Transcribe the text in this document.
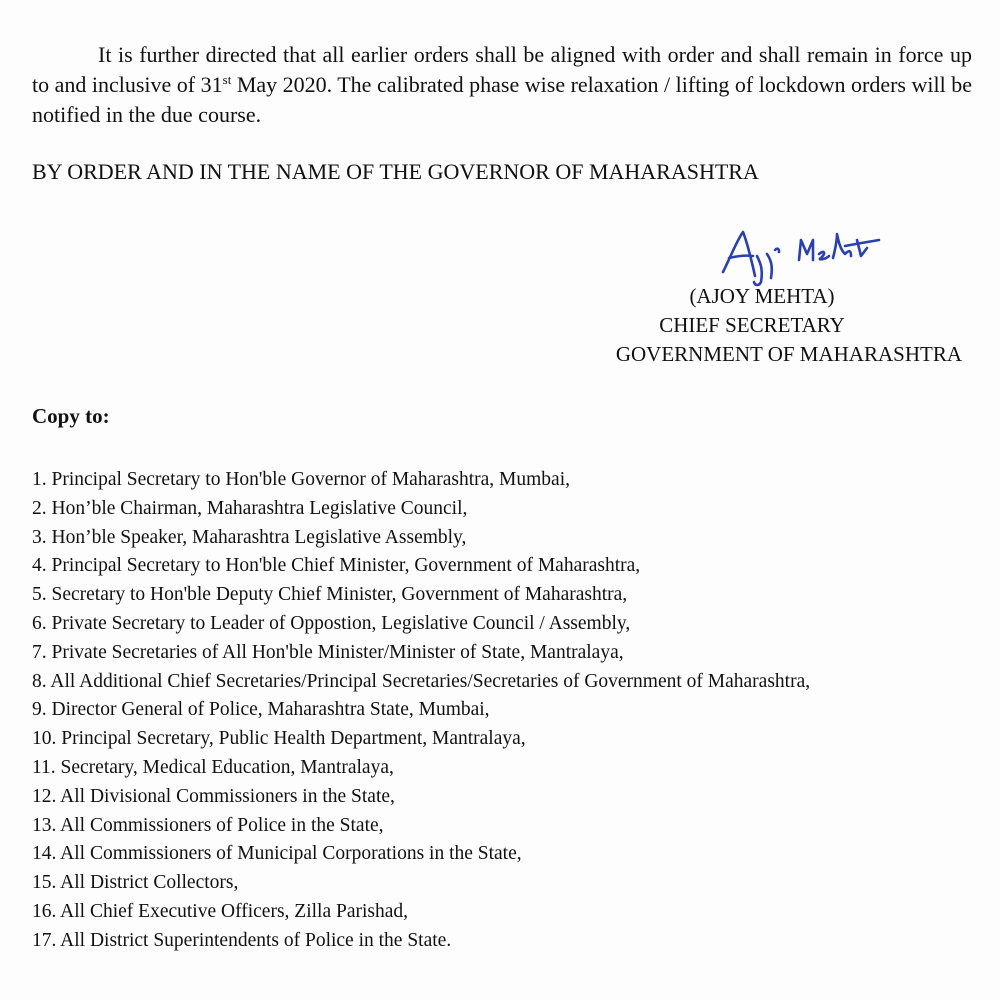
It is further directed that all earlier orders shall be aligned with order and shall remain in force up to and inclusive of 31st May 2020. The calibrated phase wise relaxation / lifting of lockdown orders will be notified in the due course.

BY ORDER AND IN THE NAME OF THE GOVERNOR OF MAHARASHTRA

(AJOY MEHTA)
CHIEF SECRETARY
GOVERNMENT OF MAHARASHTRA

Copy to:

1. Principal Secretary to Hon'ble Governor of Maharashtra, Mumbai,
2. Hon’ble Chairman, Maharashtra Legislative Council,
3. Hon’ble Speaker, Maharashtra Legislative Assembly,
4. Principal Secretary to Hon'ble Chief Minister, Government of Maharashtra,
5. Secretary to Hon'ble Deputy Chief Minister, Government of Maharashtra,
6. Private Secretary to Leader of Oppostion, Legislative Council / Assembly,
7. Private Secretaries of All Hon'ble Minister/Minister of State, Mantralaya,
8. All Additional Chief Secretaries/Principal Secretaries/Secretaries of Government of Maharashtra,
9. Director General of Police, Maharashtra State, Mumbai,
10. Principal Secretary, Public Health Department, Mantralaya,
11. Secretary, Medical Education, Mantralaya,
12. All Divisional Commissioners in the State,
13. All Commissioners of Police in the State,
14. All Commissioners of Municipal Corporations in the State,
15. All District Collectors,
16. All Chief Executive Officers, Zilla Parishad,
17. All District Superintendents of Police in the State.
